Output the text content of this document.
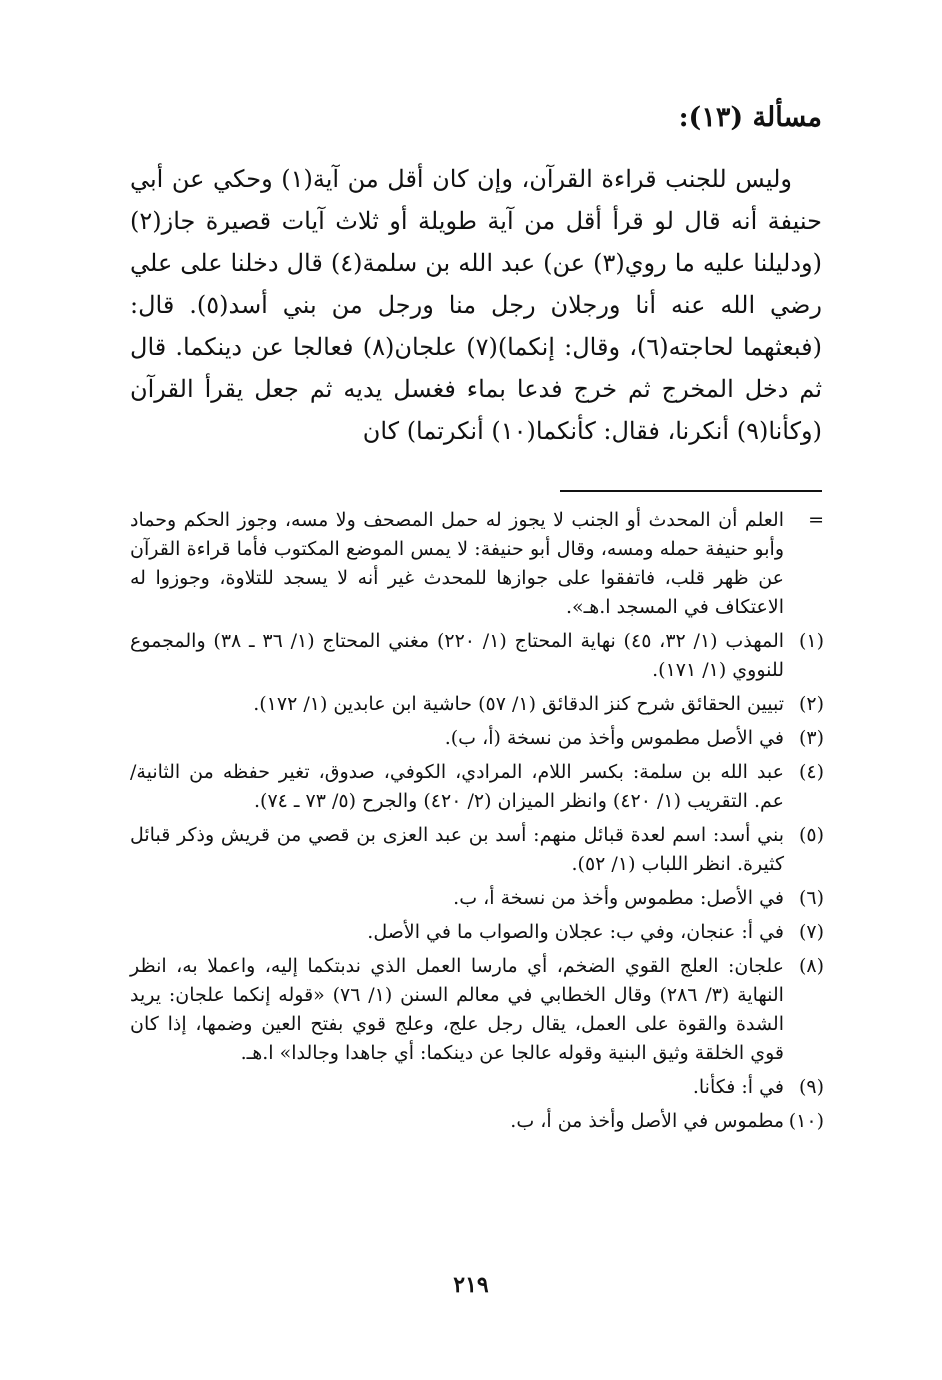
مسألة (١٣):

وليس للجنب قراءة القرآن، وإن كان أقل من آية(١) وحكي عن أبي حنيفة أنه قال لو قرأ أقل من آية طويلة أو ثلاث آيات قصيرة جاز(٢) (ودليلنا عليه ما روي(٣) عن) عبد الله بن سلمة(٤) قال دخلنا على علي رضي الله عنه أنا ورجلان رجل منا ورجل من بني أسد(٥). قال: (فبعثهما لحاجته(٦)، وقال: إنكما)(٧) علجان(٨) فعالجا عن دينكما. قال ثم دخل المخرج ثم خرج فدعا بماء فغسل يديه ثم جعل يقرأ القرآن (وكأنا(٩) أنكرنا، فقال: كأنكما(١٠) أنكرتما) كان

=
العلم أن المحدث أو الجنب لا يجوز له حمل المصحف ولا مسه، وجوز الحكم وحماد وأبو حنيفة حمله ومسه، وقال أبو حنيفة: لا يمس الموضع المكتوب فأما قراءة القرآن عن ظهر قلب، فاتفقوا على جوازها للمحدث غير أنه لا يسجد للتلاوة، وجوزوا له الاعتكاف في المسجد ا.هـ».
(١)
المهذب (١/ ٣٢، ٤٥) نهاية المحتاج (١/ ٢٢٠) مغني المحتاج (١/ ٣٦ ـ ٣٨) والمجموع للنووي (١/ ١٧١).
(٢)
تبيين الحقائق شرح كنز الدقائق (١/ ٥٧) حاشية ابن عابدين (١/ ١٧٢).
(٣)
في الأصل مطموس وأخذ من نسخة (أ، ب).
(٤)
عبد الله بن سلمة: بكسر اللام، المرادي، الكوفي، صدوق، تغير حفظه من الثانية/ عم. التقريب (١/ ٤٢٠) وانظر الميزان (٢/ ٤٢٠) والجرح (٥/ ٧٣ ـ ٧٤).
(٥)
بني أسد: اسم لعدة قبائل منهم: أسد بن عبد العزى بن قصي من قريش وذكر قبائل كثيرة. انظر اللباب (١/ ٥٢).
(٦)
في الأصل: مطموس وأخذ من نسخة أ، ب.
(٧)
في أ: عنجان، وفي ب: عجلان والصواب ما في الأصل.
(٨)
علجان: العلج القوي الضخم، أي مارسا العمل الذي ندبتكما إليه، واعملا به، انظر النهاية (٣/ ٢٨٦) وقال الخطابي في معالم السنن (١/ ٧٦) «قوله إنكما علجان: يريد الشدة والقوة على العمل، يقال رجل علج، وعلج قوي بفتح العين وضمها، إذا كان قوي الخلقة وثيق البنية وقوله عالجا عن دينكما: أي جاهدا وجالدا» ا.هـ.
(٩)
في أ: فكأنا.
(١٠)
مطموس في الأصل وأخذ من أ، ب.
٢١٩
